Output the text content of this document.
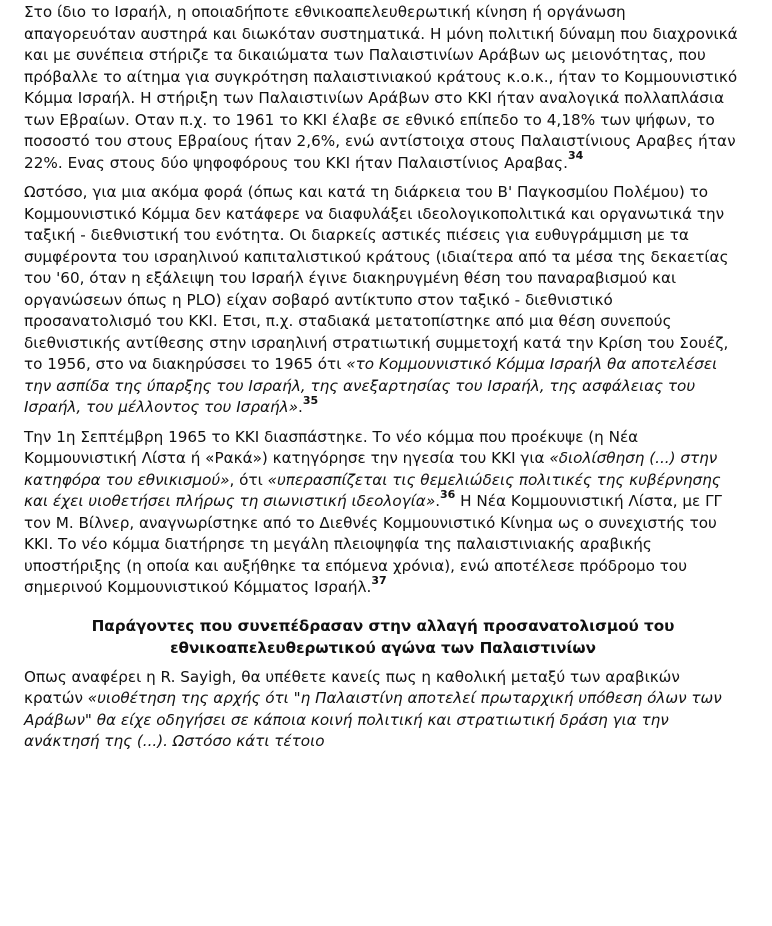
Στο ίδιο το Ισραήλ, η οποιαδήποτε εθνικοαπελευθερωτική κίνηση ή οργάνωση απαγορευόταν αυστηρά και διωκόταν συστηματικά. Η μόνη πολιτική δύναμη που διαχρονικά και με συνέπεια στήριζε τα δικαιώματα των Παλαιστινίων Αράβων ως μειονότητας, που πρόβαλλε το αίτημα για συγκρότηση παλαιστινιακού κράτους κ.ο.κ., ήταν το Κομμουνιστικό Κόμμα Ισραήλ. Η στήριξη των Παλαιστινίων Αράβων στο ΚΚΙ ήταν αναλογικά πολλαπλάσια των Εβραίων. Οταν π.χ. το 1961 το ΚΚΙ έλαβε σε εθνικό επίπεδο το 4,18% των ψήφων, το ποσοστό του στους Εβραίους ήταν 2,6%, ενώ αντίστοιχα στους Παλαιστίνιους Αραβες ήταν 22%. Ενας στους δύο ψηφοφόρους του ΚΚΙ ήταν Παλαιστίνιος Αραβας.$^{34}$

Ωστόσο, για μια ακόμα φορά (όπως και κατά τη διάρκεια του Β' Παγκοσμίου Πολέμου) το Κομμουνιστικό Κόμμα δεν κατάφερε να διαφυλάξει ιδεολογικοπολιτικά και οργανωτικά την ταξική - διεθνιστική του ενότητα. Οι διαρκείς αστικές πιέσεις για ευθυγράμμιση με τα συμφέροντα του ισραηλινού καπιταλιστικού κράτους (ιδιαίτερα από τα μέσα της δεκαετίας του '60, όταν η εξάλειψη του Ισραήλ έγινε διακηρυγμένη θέση του παναραβισμού και οργανώσεων όπως η PLO) είχαν σοβαρό αντίκτυπο στον ταξικό - διεθνιστικό προσανατολισμό του ΚΚΙ. Ετσι, π.χ. σταδιακά μετατοπίστηκε από μια θέση συνεπούς διεθνιστικής αντίθεσης στην ισραηλινή στρατιωτική συμμετοχή κατά την Κρίση του Σουέζ, το 1956, στο να διακηρύσσει το 1965 ότι «το Κομμουνιστικό Κόμμα Ισραήλ θα αποτελέσει την ασπίδα της ύπαρξης του Ισραήλ, της ανεξαρτησίας του Ισραήλ, της ασφάλειας του Ισραήλ, του μέλλοντος του Ισραήλ».$^{35}$

Την 1η Σεπτέμβρη 1965 το ΚΚΙ διασπάστηκε. Το νέο κόμμα που προέκυψε (η Νέα Κομμουνιστική Λίστα ή «Ρακά») κατηγόρησε την ηγεσία του ΚΚΙ για «διολίσθηση (...) στην κατηφόρα του εθνικισμού», ότι «υπερασπίζεται τις θεμελιώδεις πολιτικές της κυβέρνησης και έχει υιοθετήσει πλήρως τη σιωνιστική ιδεολογία».$^{36}$ Η Νέα Κομμουνιστική Λίστα, με ΓΓ τον Μ. Βίλνερ, αναγνωρίστηκε από το Διεθνές Κομμουνιστικό Κίνημα ως ο συνεχιστής του ΚΚΙ. Το νέο κόμμα διατήρησε τη μεγάλη πλειοψηφία της παλαιστινιακής αραβικής υποστήριξης (η οποία και αυξήθηκε τα επόμενα χρόνια), ενώ αποτέλεσε πρόδρομο του σημερινού Κομμουνιστικού Κόμματος Ισραήλ.$^{37}$

Παράγοντες που συνεπέδρασαν στην αλλαγή προσανατολισμού του εθνικοαπελευθερωτικού αγώνα των Παλαιστινίων

Οπως αναφέρει η R. Sayigh, θα υπέθετε κανείς πως η καθολική μεταξύ των αραβικών κρατών «υιοθέτηση της αρχής ότι "η Παλαιστίνη αποτελεί πρωταρχική υπόθεση όλων των Αράβων" θα είχε οδηγήσει σε κάποια κοινή πολιτική και στρατιωτική δράση για την ανάκτησή της (...). Ωστόσο κάτι τέτοιο
